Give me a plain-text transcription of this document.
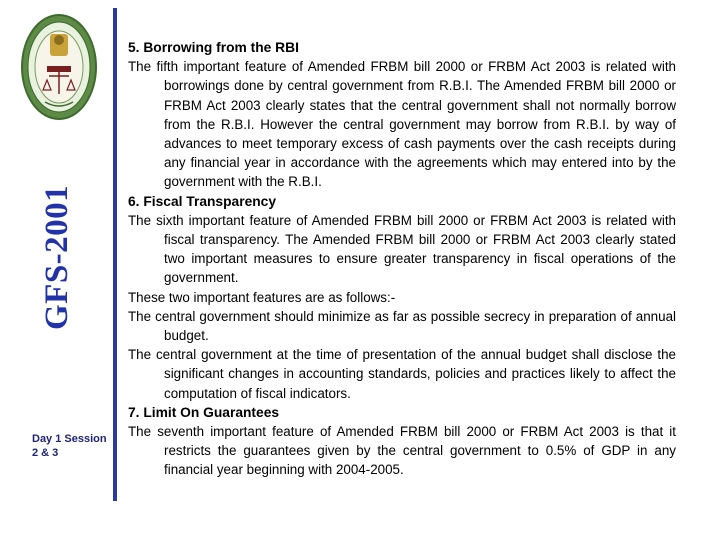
GFS-2001
Day 1 Session 2 & 3
5. Borrowing from the RBI

The fifth important feature of Amended FRBM bill 2000 or FRBM Act 2003 is related with borrowings done by central government from R.B.I. The Amended FRBM bill 2000 or FRBM Act 2003 clearly states that the central government shall not normally borrow from the R.B.I. However the central government may borrow from R.B.I. by way of advances to meet temporary excess of cash payments over the cash receipts during any financial year in accordance with the agreements which may entered into by the government with the R.B.I.

6. Fiscal Transparency

The sixth important feature of Amended FRBM bill 2000 or FRBM Act 2003 is related with fiscal transparency. The Amended FRBM bill 2000 or FRBM Act 2003 clearly stated two important measures to ensure greater transparency in fiscal operations of the government.

These two important features are as follows:-

The central government should minimize as far as possible secrecy in preparation of annual budget.

The central government at the time of presentation of the annual budget shall disclose the significant changes in accounting standards, policies and practices likely to affect the computation of fiscal indicators.

7. Limit On Guarantees

The seventh important feature of Amended FRBM bill 2000 or FRBM Act 2003 is that it restricts the guarantees given by the central government to 0.5% of GDP in any financial year beginning with 2004-2005.
